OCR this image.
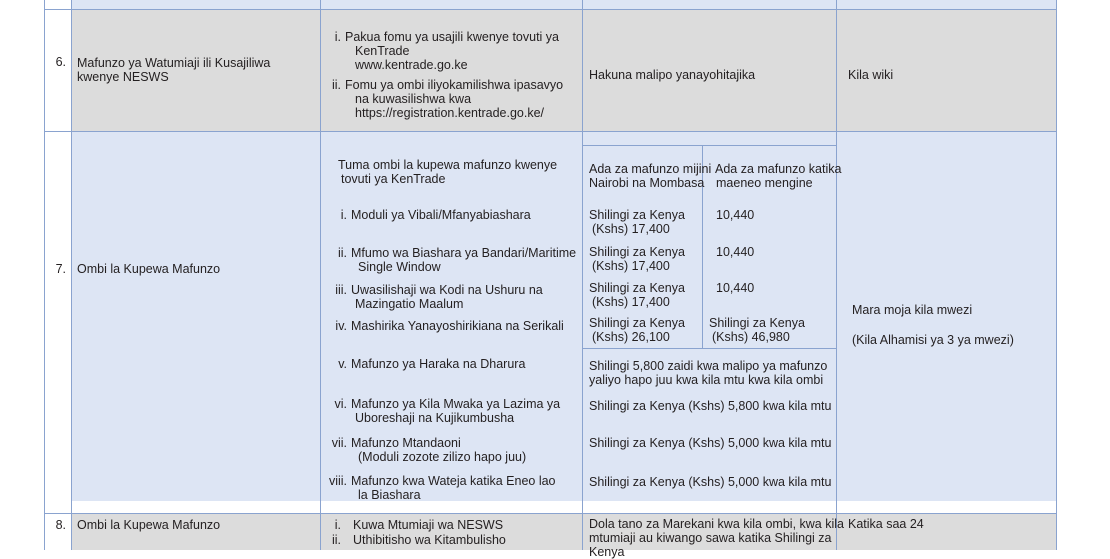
6. Mafunzo ya Watumiaji ili Kusajiliwa
kwenye NESWS
i. Pakua fomu ya usajili kwenye tovuti ya
KenTrade
www.kentrade.go.ke
ii. Fomu ya ombi iliyokamilishwa ipasavyo
na kuwasilishwa kwa
https://registration.kentrade.go.ke/
Hakuna malipo yanayohitajika	Kila wiki
7. Ombi la Kupewa Mafunzo
Tuma ombi la kupewa mafunzo kwenye
tovuti ya KenTrade
i. Moduli ya Vibali/Mfanyabiashara
ii. Mfumo wa Biashara ya Bandari/Maritime
Single Window
iii. Uwasilishaji wa Kodi na Ushuru na
Mazingatio Maalum
iv. Mashirika Yanayoshirikiana na Serikali
v. Mafunzo ya Haraka na Dharura
vi. Mafunzo ya Kila Mwaka ya Lazima ya
Uboreshaji na Kujikumbusha
vii. Mafunzo Mtandaoni
(Moduli zozote zilizo hapo juu)
viii. Mafunzo kwa Wateja katika Eneo lao
la Biashara
Ada za mafunzo mijini
Nairobi na Mombasa
Ada za mafunzo katika
maeneo mengine
Shilingi za Kenya
(Kshs) 17,400
Shilingi za Kenya
(Kshs) 17,400
Shilingi za Kenya
(Kshs) 17,400
Shilingi za Kenya
(Kshs) 26,100
10,440
10,440
10,440
Shilingi za Kenya
(Kshs) 46,980
Shilingi 5,800 zaidi kwa malipo ya mafunzo
yaliyo hapo juu kwa kila mtu kwa kila ombi
Shilingi za Kenya (Kshs) 5,800 kwa kila mtu
Shilingi za Kenya (Kshs) 5,000 kwa kila mtu
Shilingi za Kenya (Kshs) 5,000 kwa kila mtu
Mara moja kila mwezi
(Kila Alhamisi ya 3 ya mwezi)
8. Ombi la Kupewa Mafunzo	i. Kuwa Mtumiaji wa NESWS
ii. Uthibitisho wa Kitambulisho
Dola tano za Marekani kwa kila ombi, kwa kila
mtumiaji au kiwango sawa katika Shilingi za
Kenya
Katika saa 24
